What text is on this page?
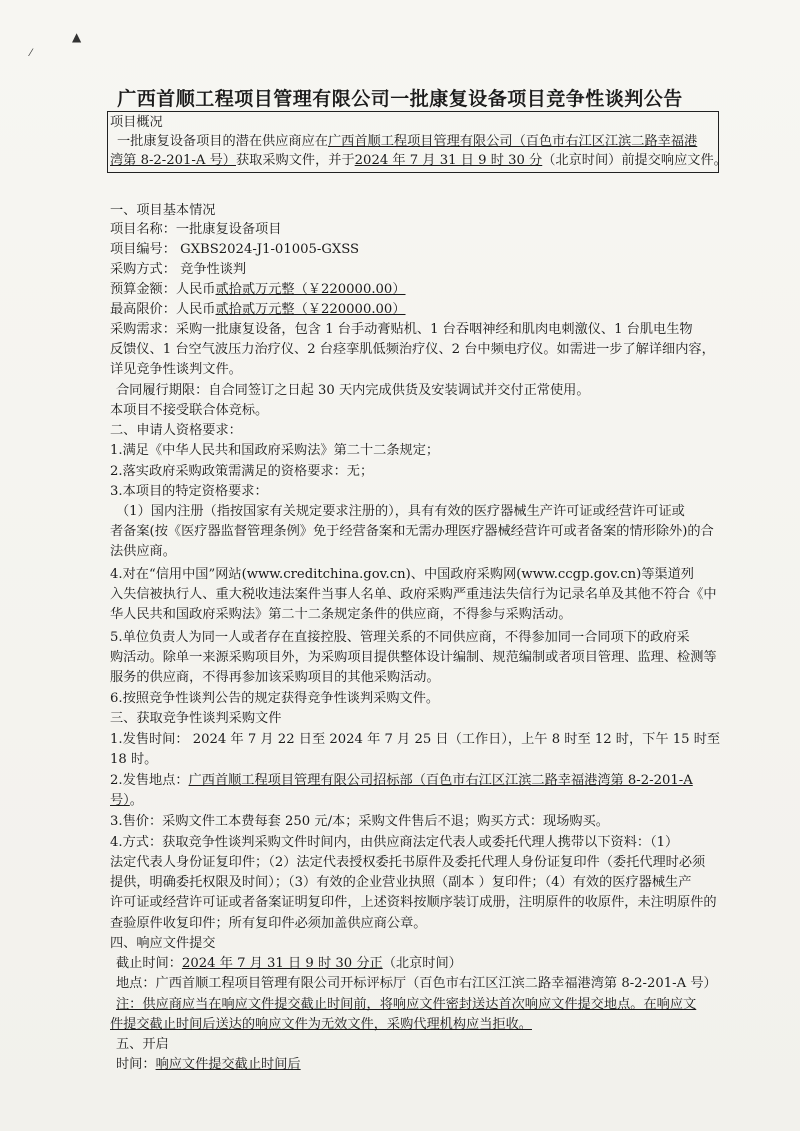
▲
⁄
广西首顺工程项目管理有限公司一批康复设备项目竞争性谈判公告
项目概况
一批康复设备项目的潜在供应商应在广西首顺工程项目管理有限公司（百色市右江区江滨二路幸福港
湾第 8-2-201-A 号）获取采购文件，并于2024 年 7 月 31 日 9 时 30 分（北京时间）前提交响应文件。
一、项目基本情况
项目名称：一批康复设备项目
项目编号： GXBS2024-J1-01005-GXSS
采购方式： 竞争性谈判
预算金额：人民币贰拾贰万元整（￥220000.00）
最高限价：人民币贰拾贰万元整（￥220000.00）
采购需求：采购一批康复设备，包含 1 台手动膏贴机、1 台吞咽神经和肌肉电刺激仪、1 台肌电生物
反馈仪、1 台空气波压力治疗仪、2 台痉挛肌低频治疗仪、2 台中频电疗仪。如需进一步了解详细内容，
详见竞争性谈判文件。
合同履行期限：自合同签订之日起 30 天内完成供货及安装调试并交付正常使用。
本项目不接受联合体竞标。
二、申请人资格要求：
1.满足《中华人民共和国政府采购法》第二十二条规定；
2.落实政府采购政策需满足的资格要求：无；
3.本项目的特定资格要求：
（1）国内注册（指按国家有关规定要求注册的），具有有效的医疗器械生产许可证或经营许可证或
者备案(按《医疗器监督管理条例》免于经营备案和无需办理医疗器械经营许可或者备案的情形除外)的合
法供应商。
4.对在“信用中国”网站(www.creditchina.gov.cn)、中国政府采购网(www.ccgp.gov.cn)等渠道列
入失信被执行人、重大税收违法案件当事人名单、政府采购严重违法失信行为记录名单及其他不符合《中
华人民共和国政府采购法》第二十二条规定条件的供应商，不得参与采购活动。
5.单位负责人为同一人或者存在直接控股、管理关系的不同供应商，不得参加同一合同项下的政府采
购活动。除单一来源采购项目外，为采购项目提供整体设计编制、规范编制或者项目管理、监理、检测等
服务的供应商，不得再参加该采购项目的其他采购活动。
6.按照竞争性谈判公告的规定获得竞争性谈判采购文件。
三、获取竞争性谈判采购文件
1.发售时间： 2024 年 7 月 22 日至 2024 年 7 月 25 日（工作日），上午 8 时至 12 时，下午 15 时至
18 时。
2.发售地点：广西首顺工程项目管理有限公司招标部（百色市右江区江滨二路幸福港湾第 8-2-201-A
号）。
3.售价：采购文件工本费每套 250 元/本；采购文件售后不退；购买方式：现场购买。
4.方式：获取竞争性谈判采购文件时间内，由供应商法定代表人或委托代理人携带以下资料：（1）
法定代表人身份证复印件；（2）法定代表授权委托书原件及委托代理人身份证复印件（委托代理时必须
提供，明确委托权限及时间）；（3）有效的企业营业执照（副本 ）复印件；（4）有效的医疗器械生产
许可证或经营许可证或者备案证明复印件，上述资料按顺序装订成册，注明原件的收原件，未注明原件的
查验原件收复印件；所有复印件必须加盖供应商公章。
四、响应文件提交
截止时间：2024 年 7 月 31 日 9 时 30 分正（北京时间）
地点：广西首顺工程项目管理有限公司开标评标厅（百色市右江区江滨二路幸福港湾第 8-2-201-A 号）
注：供应商应当在响应文件提交截止时间前，将响应文件密封送达首次响应文件提交地点。在响应文
件提交截止时间后送达的响应文件为无效文件，采购代理机构应当拒收。
五、开启
时间：响应文件提交截止时间后
